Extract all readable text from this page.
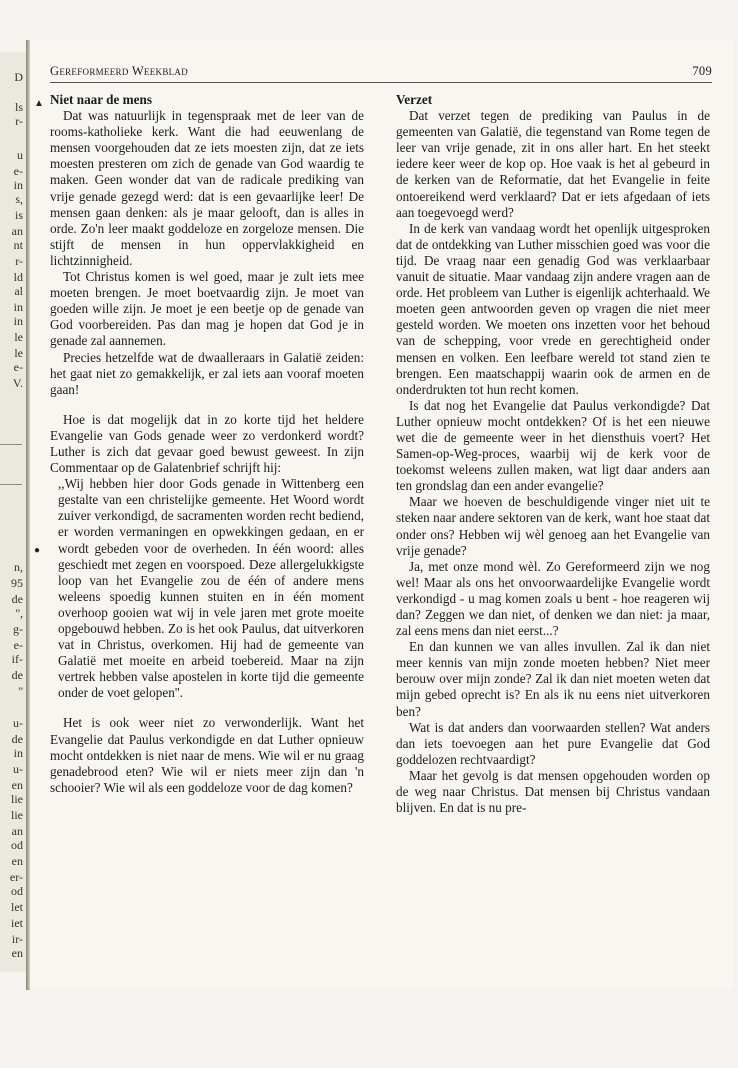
D
ls
r-
u
e-
in
s,
is
an
nt
r-
ld
al
in
in
le
le
e-
V.
n,
95
de
'',
g-
e-
if-
de
''
u-
de
in
u-
en
lie
lie
an
od
en
er-
od
let
iet
ir-
en
Gereformeerd Weekblad	709
▲
●
Niet naar de mens

Dat was natuurlijk in tegenspraak met de leer van de rooms-katholieke kerk. Want die had eeuwenlang de mensen voorgehouden dat ze iets moesten zijn, dat ze iets moesten presteren om zich de genade van God waardig te maken. Geen wonder dat van de radicale prediking van vrije genade gezegd werd: dat is een gevaarlijke leer! De mensen gaan denken: als je maar gelooft, dan is alles in orde. Zo'n leer maakt goddeloze en zorgeloze mensen. Die stijft de mensen in hun oppervlakkigheid en lichtzinnigheid.

Tot Christus komen is wel goed, maar je zult iets mee moeten brengen. Je moet boetvaardig zijn. Je moet van goeden wille zijn. Je moet je een beetje op de genade van God voorbereiden. Pas dan mag je hopen dat God je in genade zal aannemen.

Precies hetzelfde wat de dwaalleraars in Galatië zeiden: het gaat niet zo gemakkelijk, er zal iets aan vooraf moeten gaan!

Hoe is dat mogelijk dat in zo korte tijd het heldere Evangelie van Gods genade weer zo verdonkerd wordt? Luther is zich dat gevaar goed bewust geweest. In zijn Commentaar op de Galatenbrief schrijft hij:

,,Wij hebben hier door Gods genade in Wittenberg een gestalte van een christelijke gemeente. Het Woord wordt zuiver verkondigd, de sacramenten worden recht bediend, er worden vermaningen en opwekkingen gedaan, en er wordt gebeden voor de overheden. In één woord: alles geschiedt met zegen en voorspoed. Deze allergelukkigste loop van het Evangelie zou de één of andere mens weleens spoedig kunnen stuiten en in één moment overhoop gooien wat wij in vele jaren met grote moeite opgebouwd hebben. Zo is het ook Paulus, dat uitverkoren vat in Christus, overkomen. Hij had de gemeente van Galatië met moeite en arbeid toebereid. Maar na zijn vertrek hebben valse apostelen in korte tijd die gemeente onder de voet gelopen''.

Het is ook weer niet zo verwonderlijk. Want het Evangelie dat Paulus verkondigde en dat Luther opnieuw mocht ontdekken is niet naar de mens. Wie wil er nu graag genadebrood eten? Wie wil er niets meer zijn dan 'n schooier? Wie wil als een goddeloze voor de dag komen?

Verzet

Dat verzet tegen de prediking van Paulus in de gemeenten van Galatië, die tegenstand van Rome tegen de leer van vrije genade, zit in ons aller hart. En het steekt iedere keer weer de kop op. Hoe vaak is het al gebeurd in de kerken van de Reformatie, dat het Evangelie in feite ontoereikend werd verklaard? Dat er iets afgedaan of iets aan toegevoegd werd?

In de kerk van vandaag wordt het openlijk uitgesproken dat de ontdekking van Luther misschien goed was voor die tijd. De vraag naar een genadig God was verklaarbaar vanuit de situatie. Maar vandaag zijn andere vragen aan de orde. Het probleem van Luther is eigenlijk achterhaald. We moeten geen antwoorden geven op vragen die niet meer gesteld worden. We moeten ons inzetten voor het behoud van de schepping, voor vrede en gerechtigheid onder mensen en volken. Een leefbare wereld tot stand zien te brengen. Een maatschappij waarin ook de armen en de onderdrukten tot hun recht komen.

Is dat nog het Evangelie dat Paulus verkondigde? Dat Luther opnieuw mocht ontdekken? Of is het een nieuwe wet die de gemeente weer in het diensthuis voert? Het Samen-op-Weg-proces, waarbij wij de kerk voor de toekomst weleens zullen maken, wat ligt daar anders aan ten grondslag dan een ander evangelie?

Maar we hoeven de beschuldigende vinger niet uit te steken naar andere sektoren van de kerk, want hoe staat dat onder ons? Hebben wij wèl genoeg aan het Evangelie van vrije genade?

Ja, met onze mond wèl. Zo Gereformeerd zijn we nog wel! Maar als ons het onvoorwaardelijke Evangelie wordt verkondigd - u mag komen zoals u bent - hoe reageren wij dan? Zeggen we dan niet, of denken we dan niet: ja maar, zal eens mens dan niet eerst...?

En dan kunnen we van alles invullen. Zal ik dan niet meer kennis van mijn zonde moeten hebben? Niet meer berouw over mijn zonde? Zal ik dan niet moeten weten dat mijn gebed oprecht is? En als ik nu eens niet uitverkoren ben?

Wat is dat anders dan voorwaarden stellen? Wat anders dan iets toevoegen aan het pure Evangelie dat God goddelozen rechtvaardigt?

Maar het gevolg is dat mensen opgehouden worden op de weg naar Christus. Dat mensen bij Christus vandaan blijven. En dat is nu pre-
